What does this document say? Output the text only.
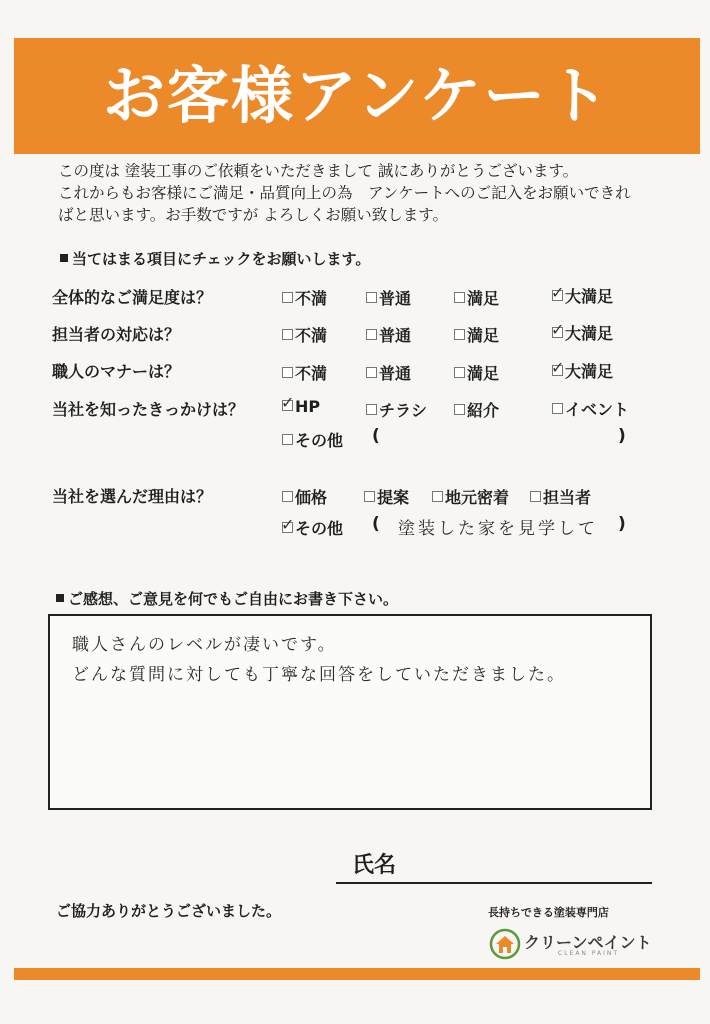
お客様アンケート
この度は 塗装工事のご依頼をいただきまして 誠にありがとうございます。
これからもお客様にご満足・品質向上の為　アンケートへのご記入をお願いできれ
ばと思います。お手数ですが よろしくお願い致します。
当てはまる項目にチェックをお願いします。
全体的なご満足度は？	不満	普通	満足	✓ 大満足
担当者の対応は？	不満	普通	満足	✓ 大満足
職人のマナーは？	不満	普通	満足	✓ 大満足
当社を知ったきっかけは？ ✓ HP	チラシ	紹介	イベント
その他 (	)
当社を選んだ理由は？	価格	提案	地元密着	担当者
✓ その他 ( 塗装した家を見学して )
ご感想、ご意見を何でもご自由にお書き下さい。
職人さんのレベルが凄いです。
どんな質問に対しても丁寧な回答をしていただきました。
氏名
ご協力ありがとうございました。	長持ちできる塗装専門店
クリーンペイント
CLEAN PAINT
